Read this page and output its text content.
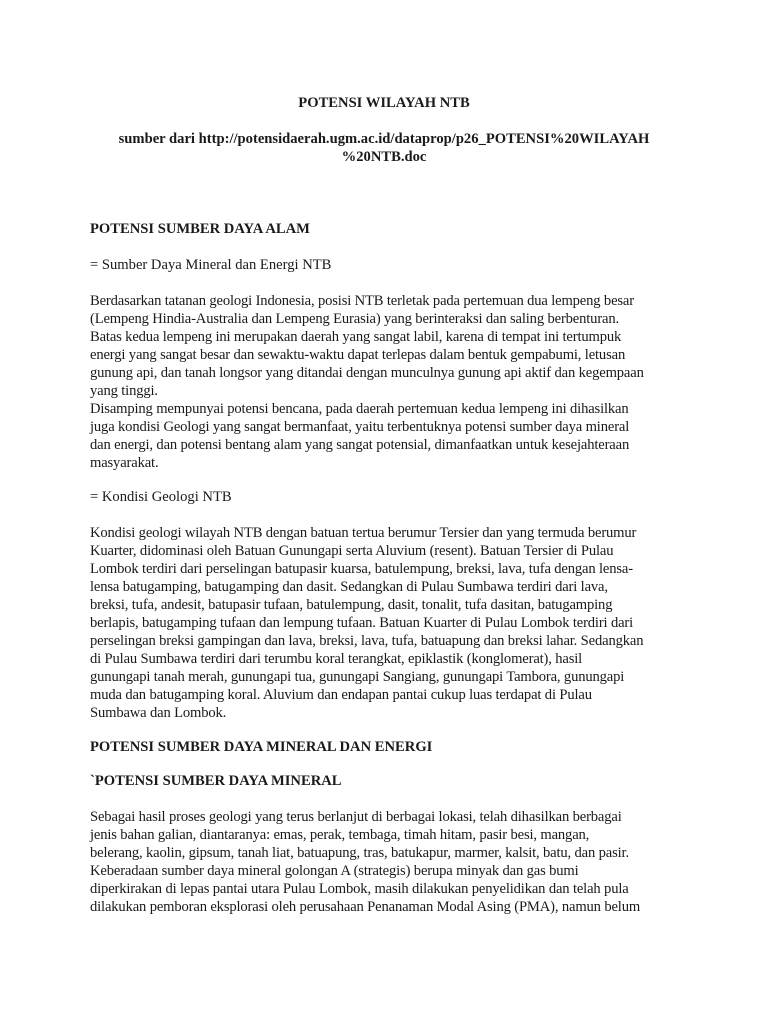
POTENSI WILAYAH NTB
sumber dari http://potensidaerah.ugm.ac.id/dataprop/p26_POTENSI%20WILAYAH
%20NTB.doc
POTENSI SUMBER DAYA ALAM
= Sumber Daya Mineral dan Energi NTB
Berdasarkan tatanan geologi Indonesia, posisi NTB terletak pada pertemuan dua lempeng besar
(Lempeng Hindia-Australia dan Lempeng Eurasia) yang berinteraksi dan saling berbenturan.
Batas kedua lempeng ini merupakan daerah yang sangat labil, karena di tempat ini tertumpuk
energi yang sangat besar dan sewaktu-waktu dapat terlepas dalam bentuk gempabumi, letusan
gunung api, dan tanah longsor yang ditandai dengan munculnya gunung api aktif dan kegempaan
yang tinggi.
Disamping mempunyai potensi bencana, pada daerah pertemuan kedua lempeng ini dihasilkan
juga kondisi Geologi yang sangat bermanfaat, yaitu terbentuknya potensi sumber daya mineral
dan energi, dan potensi bentang alam yang sangat potensial, dimanfaatkan untuk kesejahteraan
masyarakat.
= Kondisi Geologi NTB
Kondisi geologi wilayah NTB dengan batuan tertua berumur Tersier dan yang termuda berumur
Kuarter, didominasi oleh Batuan Gunungapi serta Aluvium (resent). Batuan Tersier di Pulau
Lombok terdiri dari perselingan batupasir kuarsa, batulempung, breksi, lava, tufa dengan lensa-
lensa batugamping, batugamping dan dasit. Sedangkan di Pulau Sumbawa terdiri dari lava,
breksi, tufa, andesit, batupasir tufaan, batulempung, dasit, tonalit, tufa dasitan, batugamping
berlapis, batugamping tufaan dan lempung tufaan. Batuan Kuarter di Pulau Lombok terdiri dari
perselingan breksi gampingan dan lava, breksi, lava, tufa, batuapung dan breksi lahar. Sedangkan
di Pulau Sumbawa terdiri dari terumbu koral terangkat, epiklastik (konglomerat), hasil
gunungapi tanah merah, gunungapi tua, gunungapi Sangiang, gunungapi Tambora, gunungapi
muda dan batugamping koral. Aluvium dan endapan pantai cukup luas terdapat di Pulau
Sumbawa dan Lombok.
POTENSI SUMBER DAYA MINERAL DAN ENERGI
`POTENSI SUMBER DAYA MINERAL
Sebagai hasil proses geologi yang terus berlanjut di berbagai lokasi, telah dihasilkan berbagai
jenis bahan galian, diantaranya: emas, perak, tembaga, timah hitam, pasir besi, mangan,
belerang, kaolin, gipsum, tanah liat, batuapung, tras, batukapur, marmer, kalsit, batu, dan pasir.
Keberadaan sumber daya mineral golongan A (strategis) berupa minyak dan gas bumi
diperkirakan di lepas pantai utara Pulau Lombok, masih dilakukan penyelidikan dan telah pula
dilakukan pemboran eksplorasi oleh perusahaan Penanaman Modal Asing (PMA), namun belum
